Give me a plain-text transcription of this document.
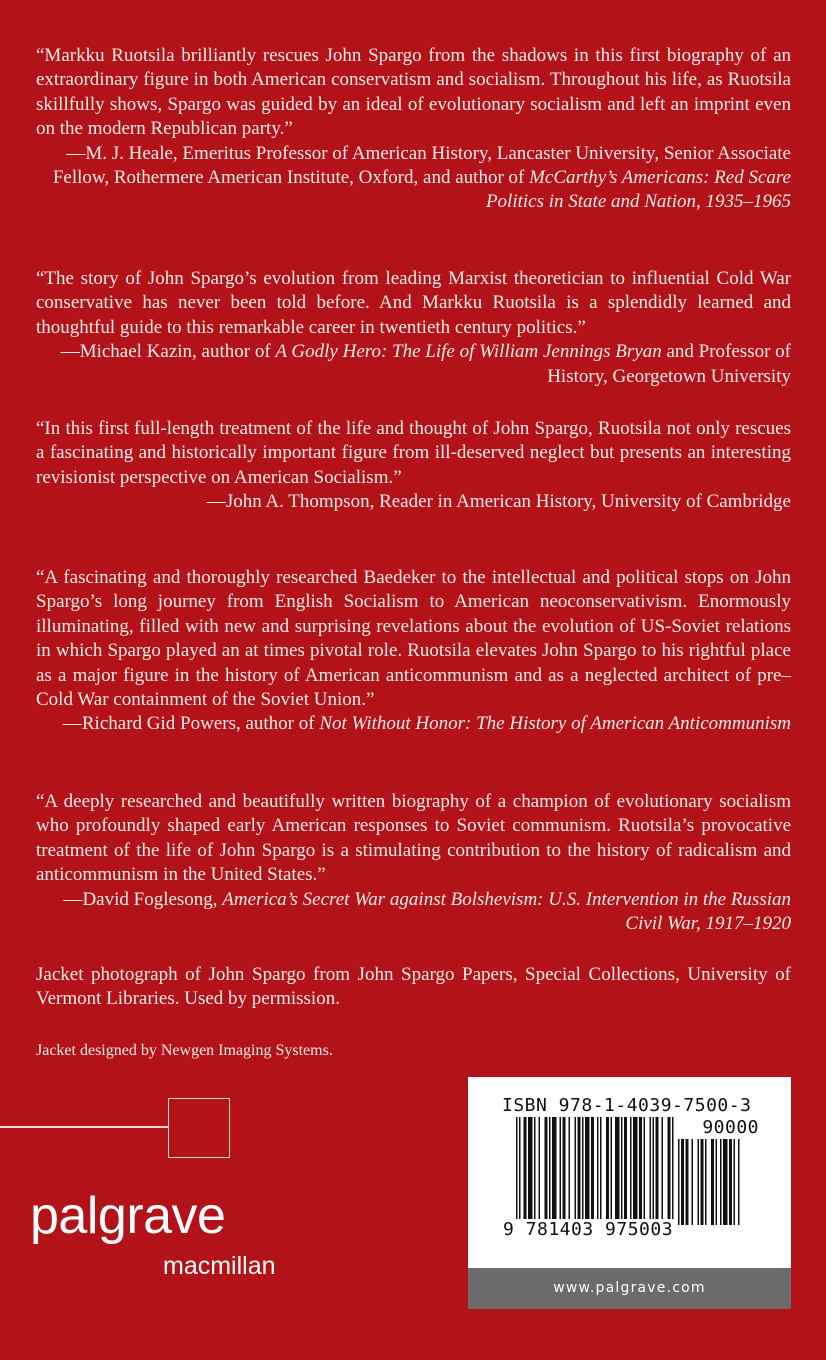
“Markku Ruotsila brilliantly rescues John Spargo from the shadows in this first biography of an extraordinary figure in both American conservatism and socialism. Throughout his life, as Ruotsila skillfully shows, Spargo was guided by an ideal of evolutionary socialism and left an imprint even on the modern Republican party.”

—M. J. Heale, Emeritus Professor of American History, Lancaster University, Senior Associate Fellow, Rothermere American Institute, Oxford, and author of McCarthy’s Americans: Red Scare Politics in State and Nation, 1935–1965

“The story of John Spargo’s evolution from leading Marxist theoretician to influential Cold War conservative has never been told before. And Markku Ruotsila is a splendidly learned and thoughtful guide to this remarkable career in twentieth century politics.”

—Michael Kazin, author of A Godly Hero: The Life of William Jennings Bryan and Professor of History, Georgetown University

“In this first full-length treatment of the life and thought of John Spargo, Ruotsila not only rescues a fascinating and historically important figure from ill-deserved neglect but presents an interesting revisionist perspective on American Socialism.”

—John A. Thompson, Reader in American History, University of Cambridge

“A fascinating and thoroughly researched Baedeker to the intellectual and political stops on John Spargo’s long journey from English Socialism to American neoconservativism. Enormously illuminating, filled with new and surprising revelations about the evolution of US-Soviet relations in which Spargo played an at times pivotal role. Ruotsila elevates John Spargo to his rightful place as a major figure in the history of American anticommunism and as a neglected architect of pre–Cold War containment of the Soviet Union.”

—Richard Gid Powers, author of Not Without Honor: The History of American Anticommunism

“A deeply researched and beautifully written biography of a champion of evolutionary socialism who profoundly shaped early American responses to Soviet communism. Ruotsila’s provocative treatment of the life of John Spargo is a stimulating contribution to the history of radicalism and anticommunism in the United States.”

—David Foglesong, America’s Secret War against Bolshevism: U.S. Intervention in the Russian Civil War, 1917–1920

Jacket photograph of John Spargo from John Spargo Papers, Special Collections, University of Vermont Libraries. Used by permission.

Jacket designed by Newgen Imaging Systems.

palgrave
macmillan
ISBN 978-1-4039-7500-3
90000
9 781403 975003
www.palgrave.com
